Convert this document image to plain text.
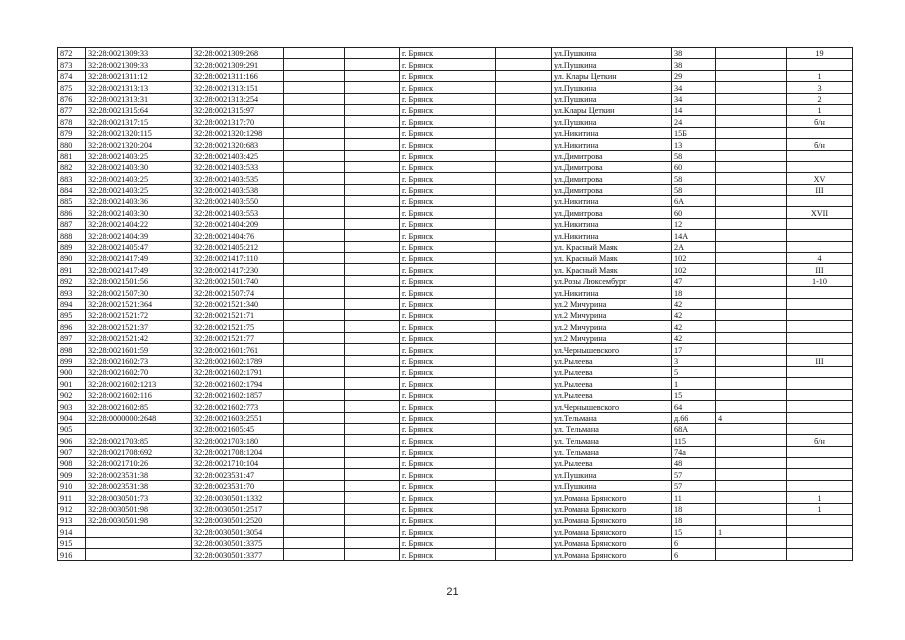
872	32:28:0021309:33	32:28:0021309:268			г. Брянск		ул.Пушкина	38		19
873	32:28:0021309:33	32:28:0021309:291			г. Брянск		ул.Пушкина	38		
874	32:28:0021311:12	32:28:0021311:166			г. Брянск		ул. Клары Цеткин	29		1
875	32:28:0021313:13	32:28:0021313:151			г. Брянск		ул.Пушкина	34		3
876	32:28:0021313:31	32:28:0021313:254			г. Брянск		ул.Пушкина	34		2
877	32:28:0021315:64	32:28:0021315:97			г. Брянск		ул.Клары Цеткин	14		1
878	32:28:0021317:15	32:28:0021317:70			г. Брянск		ул.Пушкина	24		б/н
879	32:28:0021320:115	32:28:0021320:1298			г. Брянск		ул.Никитина	15Б		
880	32:28:0021320:204	32:28:0021320:683			г. Брянск		ул.Никитина	13		б/н
881	32:28:0021403:25	32:28:0021403:425			г. Брянск		ул.Димитрова	58		
882	32:28:0021403:30	32:28:0021403:533			г. Брянск		ул.Димитрова	60		
883	32:28:0021403:25	32:28:0021403:535			г. Брянск		ул.Димитрова	58		XV
884	32:28:0021403:25	32:28:0021403:538			г. Брянск		ул.Димитрова	58		III
885	32:28:0021403:36	32:28:0021403:550			г. Брянск		ул.Никитина	6А		
886	32:28:0021403:30	32:28:0021403:553			г. Брянск		ул.Димитрова	60		XVII
887	32:28:0021404:22	32:28:0021404:209			г. Брянск		ул.Никитина	12		
888	32:28:0021404:39	32:28:0021404:76			г. Брянск		ул.Никитина	14А		
889	32:28:0021405:47	32:28:0021405:212			г. Брянск		ул. Красный Маяк	2А		
890	32:28:0021417:49	32:28:0021417:110			г. Брянск		ул. Красный Маяк	102		4
891	32:28:0021417:49	32:28:0021417:230			г. Брянск		ул. Красный Маяк	102		III
892	32:28:0021501:56	32:28:0021501:740			г. Брянск		ул.Розы Люксембург	47		1-10
893	32:28:0021507:30	32:28:0021507:74			г. Брянск		ул.Никитина	18		
894	32:28:0021521:364	32:28:0021521:340			г. Брянск		ул.2 Мичурина	42		
895	32:28:0021521:72	32:28:0021521:71			г. Брянск		ул.2 Мичурина	42		
896	32:28:0021521:37	32:28:0021521:75			г. Брянск		ул.2 Мичурина	42		
897	32:28:0021521:42	32:28:0021521:77			г. Брянск		ул.2 Мичурина	42		
898	32:28:0021601:59	32:28:0021601:761			г. Брянск		ул.Чернышевского	17		
899	32:28:0021602:73	32:28:0021602:1789			г. Брянск		ул.Рылеева	3		III
900	32:28:0021602:70	32:28:0021602:1791			г. Брянск		ул.Рылеева	5		
901	32:28:0021602:1213	32:28:0021602:1794			г. Брянск		ул.Рылеева	1		
902	32:28:0021602:116	32:28:0021602:1857			г. Брянск		ул.Рылеева	15		
903	32:28:0021602:85	32:28:0021602:773			г. Брянск		ул.Чернышевского	64		
904	32:28:0000000:2648	32:28:0021603:2551			г. Брянск		ул.Тельмана	д.66	4	
905		32:28:0021605:45			г. Брянск		ул. Тельмана	68А		
906	32:28:0021703:85	32:28:0021703:180			г. Брянск		ул. Тельмана	115		б/н
907	32:28:0021708:692	32:28:0021708:1204			г. Брянск		ул. Тельмана	74а		
908	32:28:0021710:26	32:28:0021710:104			г. Брянск		ул.Рылеева	48		
909	32:28:0023531:38	32:28:0023531:47			г. Брянск		ул.Пушкина	57		
910	32:28:0023531:38	32:28:0023531:70			г. Брянск		ул.Пушкина	57		
911	32:28:0030501:73	32:28:0030501:1332			г. Брянск		ул.Романа Брянского	11		1
912	32:28:0030501:98	32:28:0030501:2517			г. Брянск		ул.Романа Брянского	18		1
913	32:28:0030501:98	32:28:0030501:2520			г. Брянск		ул.Романа Брянского	18		
914		32:28:0030501:3054			г. Брянск		ул.Романа Брянского	15	1	
915		32:28:0030501:3375			г. Брянск		ул.Романа Брянского	6		
916		32:28:0030501:3377			г. Брянск		ул.Романа Брянского	6		
21
